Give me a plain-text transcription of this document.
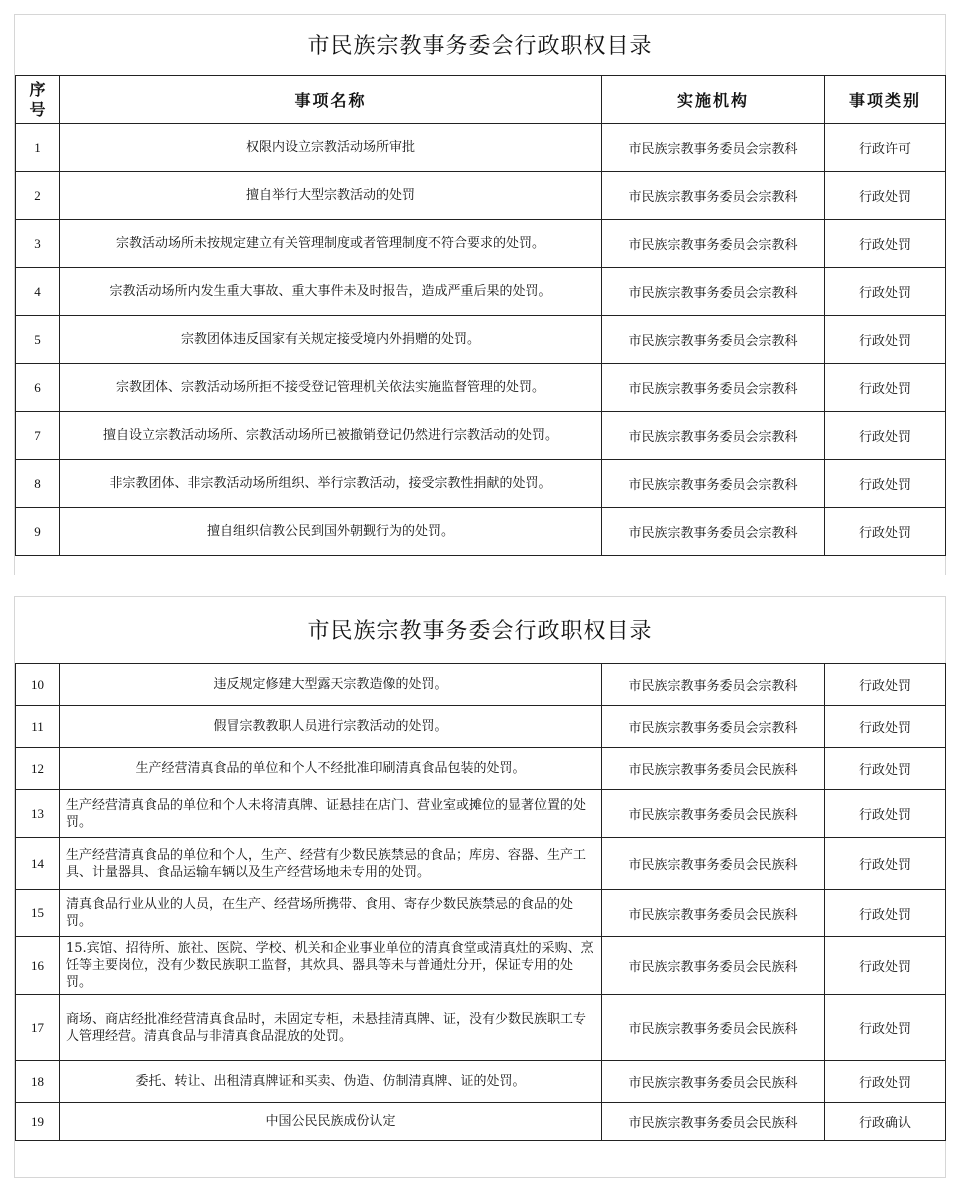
市民族宗教事务委会行政职权目录
序号	事项名称	实施机构	事项类别
1	权限内设立宗教活动场所审批	市民族宗教事务委员会宗教科	行政许可
2	擅自举行大型宗教活动的处罚	市民族宗教事务委员会宗教科	行政处罚
3	宗教活动场所未按规定建立有关管理制度或者管理制度不符合要求的处罚。	市民族宗教事务委员会宗教科	行政处罚
4	宗教活动场所内发生重大事故、重大事件未及时报告，造成严重后果的处罚。	市民族宗教事务委员会宗教科	行政处罚
5	宗教团体违反国家有关规定接受境内外捐赠的处罚。	市民族宗教事务委员会宗教科	行政处罚
6	宗教团体、宗教活动场所拒不接受登记管理机关依法实施监督管理的处罚。	市民族宗教事务委员会宗教科	行政处罚
7	擅自设立宗教活动场所、宗教活动场所已被撤销登记仍然进行宗教活动的处罚。	市民族宗教事务委员会宗教科	行政处罚
8	非宗教团体、非宗教活动场所组织、举行宗教活动，接受宗教性捐献的处罚。	市民族宗教事务委员会宗教科	行政处罚
9	擅自组织信教公民到国外朝觐行为的处罚。	市民族宗教事务委员会宗教科	行政处罚
市民族宗教事务委会行政职权目录
10	违反规定修建大型露天宗教造像的处罚。	市民族宗教事务委员会宗教科	行政处罚
11	假冒宗教教职人员进行宗教活动的处罚。	市民族宗教事务委员会宗教科	行政处罚
12	生产经营清真食品的单位和个人不经批准印刷清真食品包装的处罚。	市民族宗教事务委员会民族科	行政处罚
13	生产经营清真食品的单位和个人未将清真牌、证悬挂在店门、营业室或摊位的显著位置的处罚。	市民族宗教事务委员会民族科	行政处罚
14	生产经营清真食品的单位和个人，生产、经营有少数民族禁忌的食品；库房、容器、生产工具、计量器具、食品运输车辆以及生产经营场地未专用的处罚。	市民族宗教事务委员会民族科	行政处罚
15	清真食品行业从业的人员，在生产、经营场所携带、食用、寄存少数民族禁忌的食品的处罚。	市民族宗教事务委员会民族科	行政处罚
16	15.宾馆、招待所、旅社、医院、学校、机关和企业事业单位的清真食堂或清真灶的采购、烹饪等主要岗位，没有少数民族职工监督，其炊具、器具等未与普通灶分开，保证专用的处罚。	市民族宗教事务委员会民族科	行政处罚
17	商场、商店经批准经营清真食品时，未固定专柜，未悬挂清真牌、证，没有少数民族职工专人管理经营。清真食品与非清真食品混放的处罚。	市民族宗教事务委员会民族科	行政处罚
18	委托、转让、出租清真牌证和买卖、伪造、仿制清真牌、证的处罚。	市民族宗教事务委员会民族科	行政处罚
19	中国公民民族成份认定	市民族宗教事务委员会民族科	行政确认
